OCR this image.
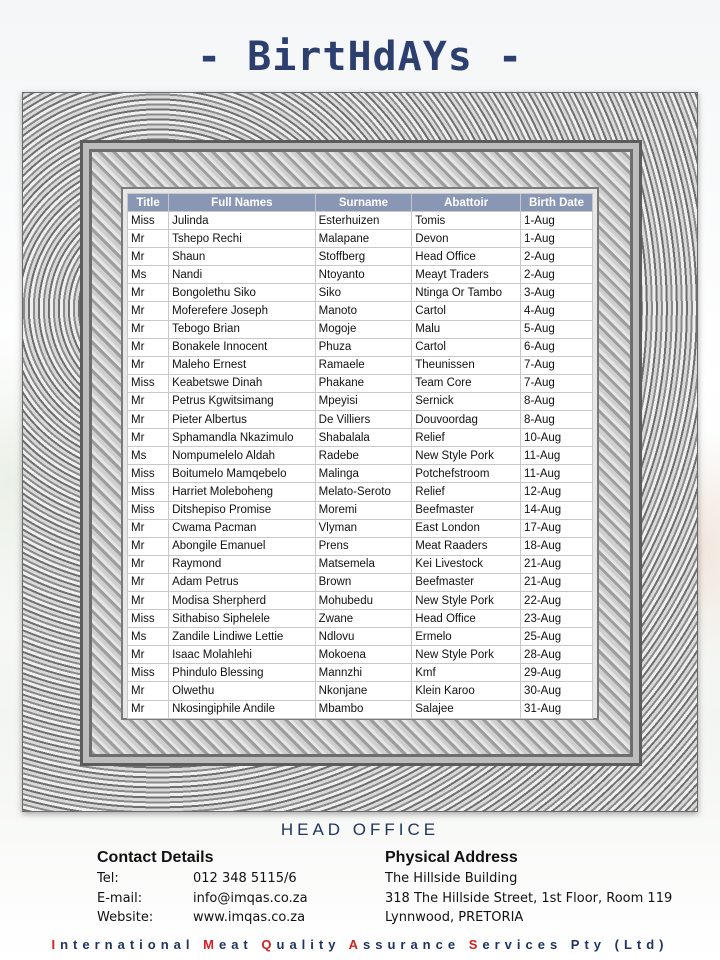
- BirtHdAYs -
Title	Full Names	Surname	Abattoir	Birth Date
Miss	Julinda	Esterhuizen	Tomis	1-Aug
Mr	Tshepo Rechi	Malapane	Devon	1-Aug
Mr	Shaun	Stoffberg	Head Office	2-Aug
Ms	Nandi	Ntoyanto	Meayt Traders	2-Aug
Mr	Bongolethu Siko	Siko	Ntinga Or Tambo	3-Aug
Mr	Moferefere Joseph	Manoto	Cartol	4-Aug
Mr	Tebogo Brian	Mogoje	Malu	5-Aug
Mr	Bonakele Innocent	Phuza	Cartol	6-Aug
Mr	Maleho Ernest	Ramaele	Theunissen	7-Aug
Miss	Keabetswe Dinah	Phakane	Team Core	7-Aug
Mr	Petrus Kgwitsimang	Mpeyisi	Sernick	8-Aug
Mr	Pieter Albertus	De Villiers	Douvoordag	8-Aug
Mr	Sphamandla Nkazimulo	Shabalala	Relief	10-Aug
Ms	Nompumelelo Aldah	Radebe	New Style Pork	11-Aug
Miss	Boitumelo Mamqebelo	Malinga	Potchefstroom	11-Aug
Miss	Harriet Moleboheng	Melato-Seroto	Relief	12-Aug
Miss	Ditshepiso Promise	Moremi	Beefmaster	14-Aug
Mr	Cwama Pacman	Vlyman	East London	17-Aug
Mr	Abongile Emanuel	Prens	Meat Raaders	18-Aug
Mr	Raymond	Matsemela	Kei Livestock	21-Aug
Mr	Adam Petrus	Brown	Beefmaster	21-Aug
Mr	Modisa Sherpherd	Mohubedu	New Style Pork	22-Aug
Miss	Sithabiso Siphelele	Zwane	Head Office	23-Aug
Ms	Zandile Lindiwe Lettie	Ndlovu	Ermelo	25-Aug
Mr	Isaac Molahlehi	Mokoena	New Style Pork	28-Aug
Miss	Phindulo Blessing	Mannzhi	Kmf	29-Aug
Mr	Olwethu	Nkonjane	Klein Karoo	30-Aug
Mr	Nkosingiphile Andile	Mbambo	Salajee	31-Aug
HEAD OFFICE
Contact Details
Tel:	012 348 5115/6
E-mail:	info@imqas.co.za
Website:	www.imqas.co.za
Physical Address
The Hillside Building
318 The Hillside Street, 1st Floor, Room 119
Lynnwood, PRETORIA
International Meat Quality Assurance Services Pty (Ltd)
